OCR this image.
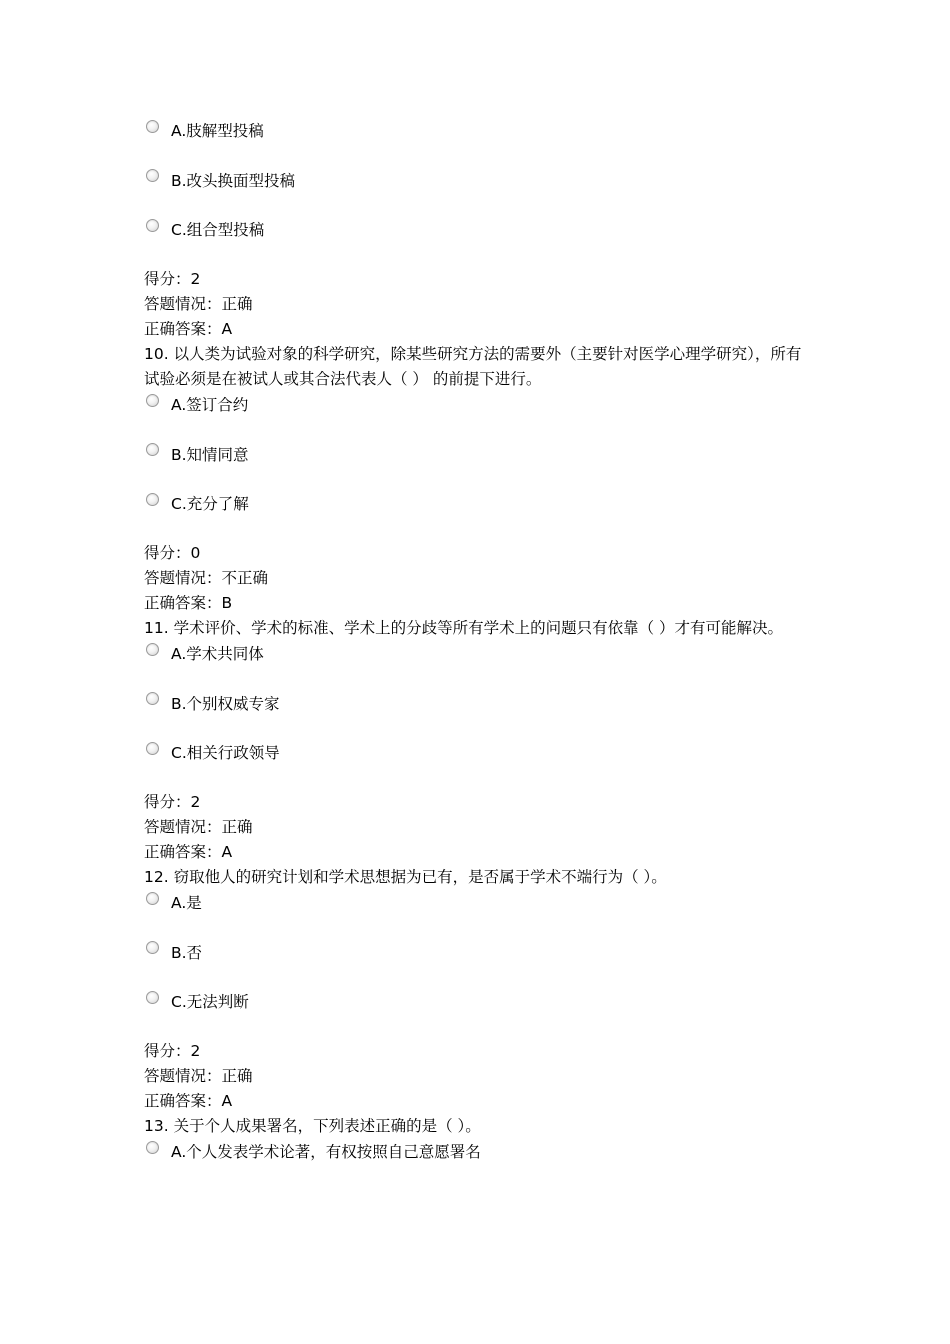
A.肢解型投稿
B.改头换面型投稿
C.组合型投稿
得分：2
答题情况：正确
正确答案：A
10. 以人类为试验对象的科学研究，除某些研究方法的需要外（主要针对医学心理学研究），所有试验必须是在被试人或其合法代表人（ ） 的前提下进行。
A.签订合约
B.知情同意
C.充分了解
得分：0
答题情况：不正确
正确答案：B
11. 学术评价、学术的标准、学术上的分歧等所有学术上的问题只有依靠（ ）才有可能解决。
A.学术共同体
B.个别权威专家
C.相关行政领导
得分：2
答题情况：正确
正确答案：A
12. 窃取他人的研究计划和学术思想据为已有，是否属于学术不端行为（ ）。
A.是
B.否
C.无法判断
得分：2
答题情况：正确
正确答案：A
13. 关于个人成果署名，下列表述正确的是（ ）。
A.个人发表学术论著，有权按照自己意愿署名
